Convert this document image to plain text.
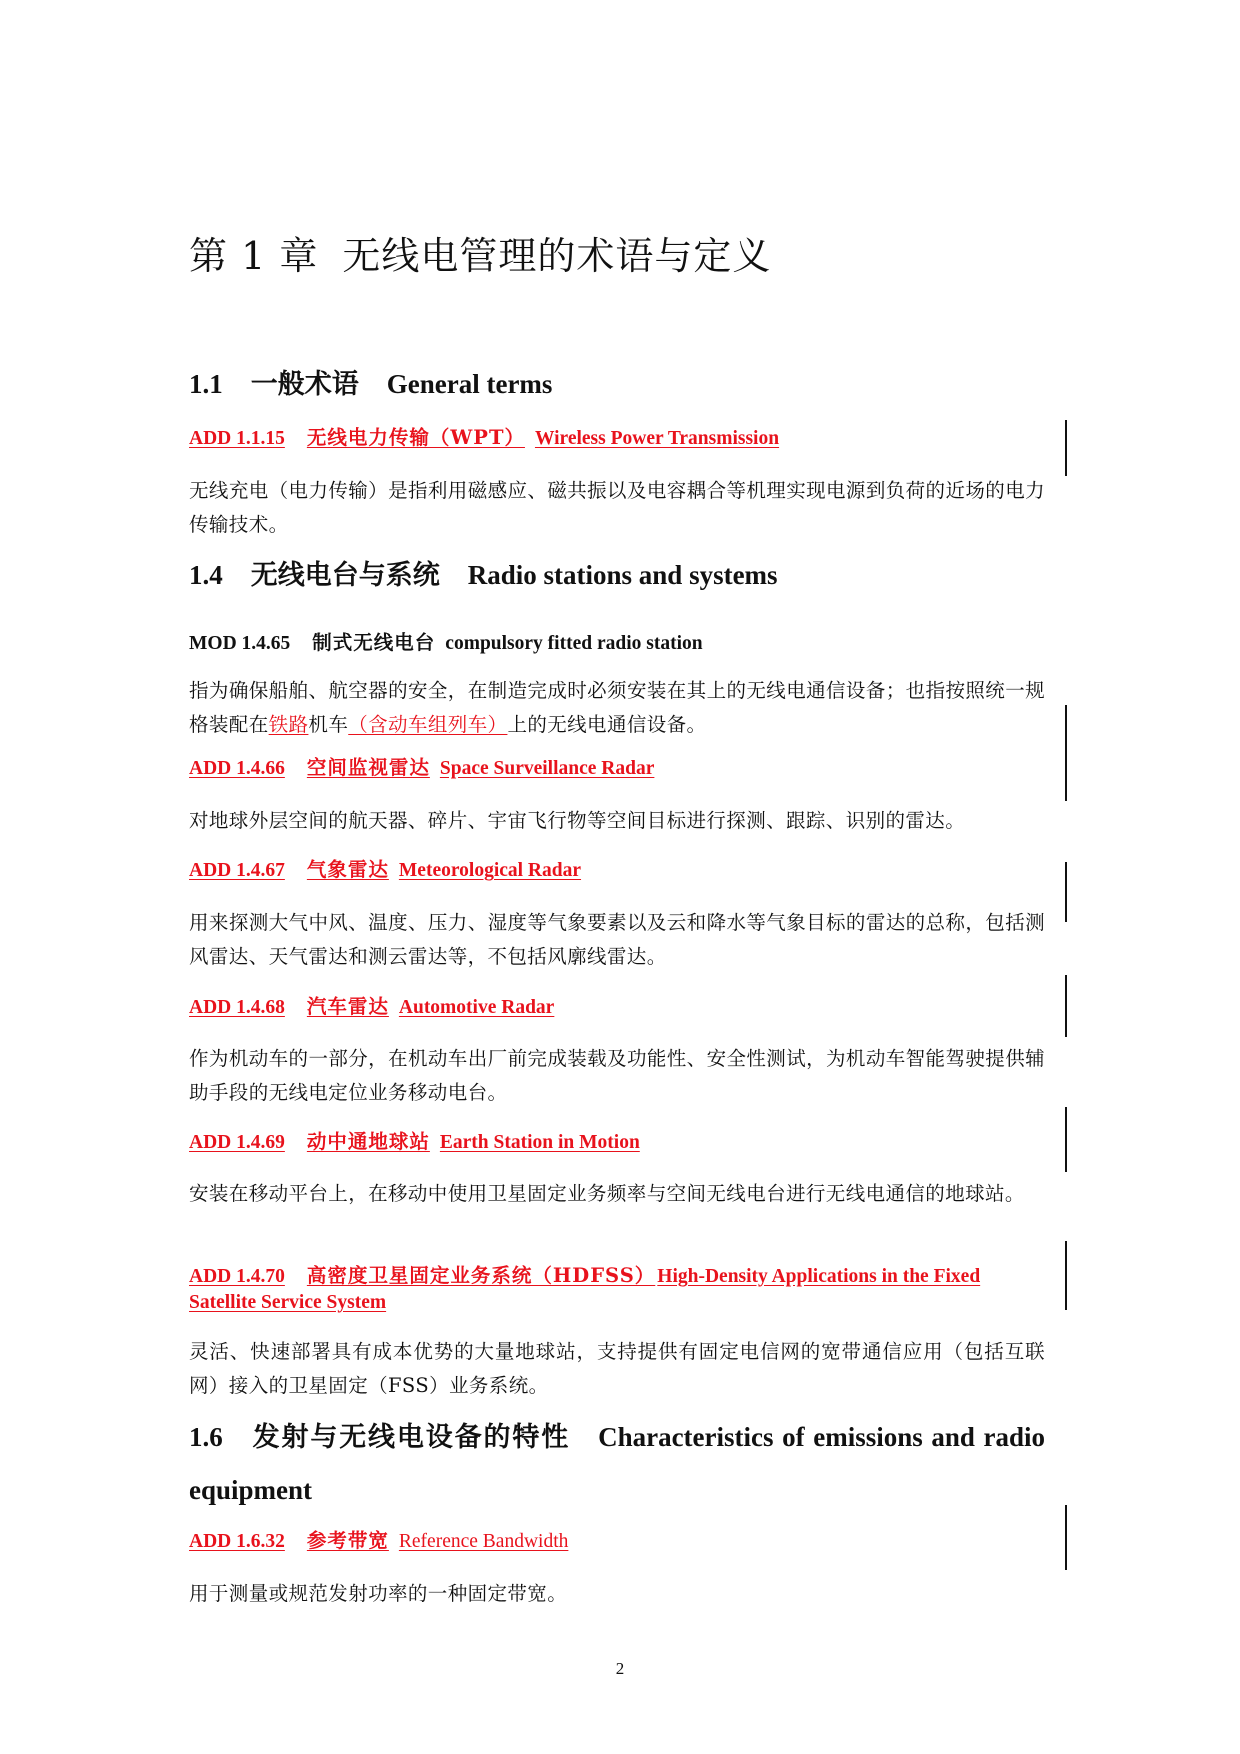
第 1 章 无线电管理的术语与定义
1.1 一般术语 General terms
ADD 1.1.15 无线电力传输（WPT） Wireless Power Transmission

无线充电（电力传输）是指利用磁感应、磁共振以及电容耦合等机理实现电源到负荷的近场的电力传输技术。

1.4 无线电台与系统 Radio stations and systems
MOD 1.4.65 制式无线电台 compulsory fitted radio station

指为确保船舶、航空器的安全，在制造完成时必须安装在其上的无线电通信设备；也指按照统一规格装配在铁路机车（含动车组列车）上的无线电通信设备。

ADD 1.4.66 空间监视雷达 Space Surveillance Radar

对地球外层空间的航天器、碎片、宇宙飞行物等空间目标进行探测、跟踪、识别的雷达。

ADD 1.4.67 气象雷达 Meteorological Radar

用来探测大气中风、温度、压力、湿度等气象要素以及云和降水等气象目标的雷达的总称，包括测风雷达、天气雷达和测云雷达等，不包括风廓线雷达。

ADD 1.4.68 汽车雷达 Automotive Radar

作为机动车的一部分，在机动车出厂前完成装载及功能性、安全性测试，为机动车智能驾驶提供辅助手段的无线电定位业务移动电台。

ADD 1.4.69 动中通地球站 Earth Station in Motion

安装在移动平台上，在移动中使用卫星固定业务频率与空间无线电台进行无线电通信的地球站。

ADD 1.4.70 高密度卫星固定业务系统（HDFSS） High-Density Applications in the Fixed Satellite Service System

灵活、快速部署具有成本优势的大量地球站，支持提供有固定电信网的宽带通信应用（包括互联网）接入的卫星固定（FSS）业务系统。

1.6 发射与无线电设备的特性 Characteristics of emissions and radio equipment
ADD 1.6.32 参考带宽 Reference Bandwidth

用于测量或规范发射功率的一种固定带宽。

2
